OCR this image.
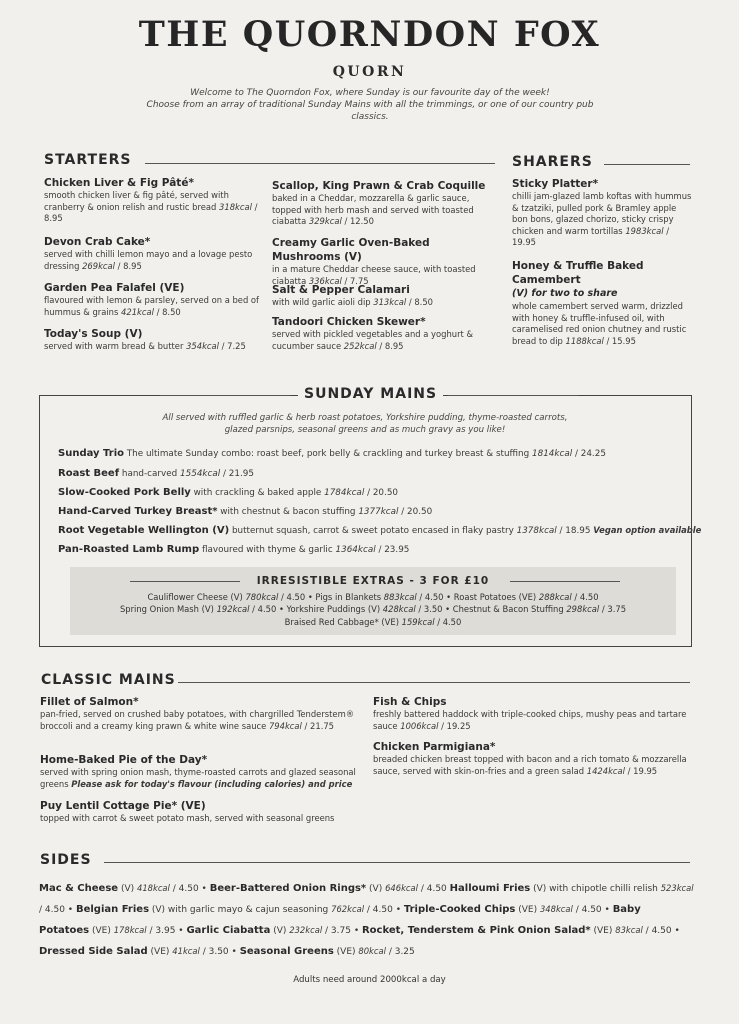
THE QUORNDON FOX
QUORN
Welcome to The Quorndon Fox, where Sunday is our favourite day of the week!
Choose from an array of traditional Sunday Mains with all the trimmings, or one of our country pub classics.
STARTERS
Chicken Liver & Fig Pâté*
smooth chicken liver & fig pâté, served with cranberry & onion relish and rustic bread 318kcal / 8.95
Devon Crab Cake*
served with chilli lemon mayo and a lovage pesto dressing 269kcal / 8.95
Garden Pea Falafel (VE)
flavoured with lemon & parsley, served on a bed of hummus & grains 421kcal / 8.50
Today's Soup (V)
served with warm bread & butter 354kcal / 7.25
Scallop, King Prawn & Crab Coquille
baked in a Cheddar, mozzarella & garlic sauce, topped with herb mash and served with toasted ciabatta 329kcal / 12.50
Creamy Garlic Oven-Baked Mushrooms (V)
in a mature Cheddar cheese sauce, with toasted ciabatta 336kcal / 7.75
Salt & Pepper Calamari
with wild garlic aioli dip 313kcal / 8.50
Tandoori Chicken Skewer*
served with pickled vegetables and a yoghurt & cucumber sauce 252kcal / 8.95
SHARERS
Sticky Platter*
chilli jam-glazed lamb koftas with hummus & tzatziki, pulled pork & Bramley apple bon bons, glazed chorizo, sticky crispy chicken and warm tortillas 1983kcal / 19.95
Honey & Truffle Baked Camembert
(V) for two to share
whole camembert served warm, drizzled with honey & truffle-infused oil, with caramelised red onion chutney and rustic bread to dip 1188kcal / 15.95
SUNDAY MAINS
All served with ruffled garlic & herb roast potatoes, Yorkshire pudding, thyme-roasted carrots,
glazed parsnips, seasonal greens and as much gravy as you like!
Sunday Trio The ultimate Sunday combo: roast beef, pork belly & crackling and turkey breast & stuffing 1814kcal / 24.25
Roast Beef hand-carved 1554kcal / 21.95
Slow-Cooked Pork Belly with crackling & baked apple 1784kcal / 20.50
Hand-Carved Turkey Breast* with chestnut & bacon stuffing 1377kcal / 20.50
Root Vegetable Wellington (V) butternut squash, carrot & sweet potato encased in flaky pastry 1378kcal / 18.95 Vegan option available
Pan-Roasted Lamb Rump flavoured with thyme & garlic 1364kcal / 23.95
IRRESISTIBLE EXTRAS - 3 FOR £10
Cauliflower Cheese (V) 780kcal / 4.50 • Pigs in Blankets 883kcal / 4.50 • Roast Potatoes (VE) 288kcal / 4.50
Spring Onion Mash (V) 192kcal / 4.50 • Yorkshire Puddings (V) 428kcal / 3.50 • Chestnut & Bacon Stuffing 298kcal / 3.75
Braised Red Cabbage* (VE) 159kcal / 4.50
CLASSIC MAINS
Fillet of Salmon*
pan-fried, served on crushed baby potatoes, with chargrilled Tenderstem® broccoli and a creamy king prawn & white wine sauce 794kcal / 21.75
Home-Baked Pie of the Day*
served with spring onion mash, thyme-roasted carrots and glazed seasonal greens Please ask for today's flavour (including calories) and price
Puy Lentil Cottage Pie* (VE)
topped with carrot & sweet potato mash, served with seasonal greens
Fish & Chips
freshly battered haddock with triple-cooked chips, mushy peas and tartare sauce 1006kcal / 19.25
Chicken Parmigiana*
breaded chicken breast topped with bacon and a rich tomato & mozzarella sauce, served with skin-on-fries and a green salad 1424kcal / 19.95
SIDES
Mac & Cheese (V) 418kcal / 4.50 • Beer-Battered Onion Rings* (V) 646kcal / 4.50 Halloumi Fries (V) with chipotle chilli relish 523kcal / 4.50 • Belgian Fries (V) with garlic mayo & cajun seasoning 762kcal / 4.50 • Triple-Cooked Chips (VE) 348kcal / 4.50 • Baby Potatoes (VE) 178kcal / 3.95 • Garlic Ciabatta (V) 232kcal / 3.75 • Rocket, Tenderstem & Pink Onion Salad* (VE) 83kcal / 4.50 • Dressed Side Salad (VE) 41kcal / 3.50 • Seasonal Greens (VE) 80kcal / 3.25
Adults need around 2000kcal a day
